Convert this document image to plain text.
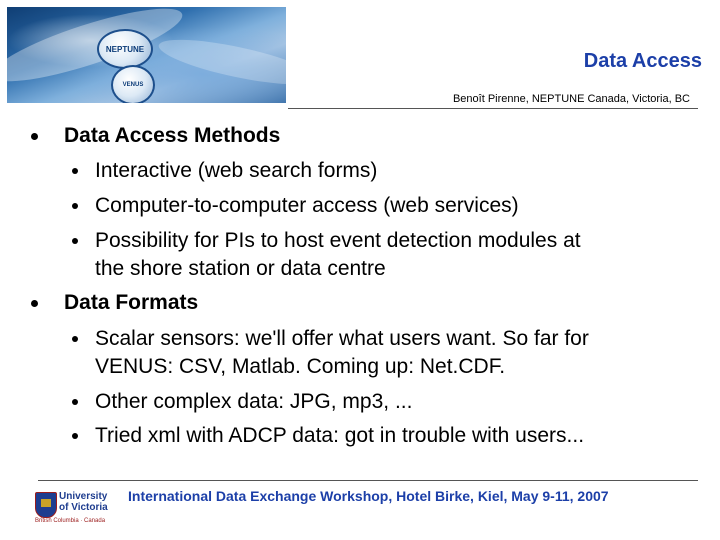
NEPTUNE
VENUS
Data Access
Benoît Pirenne, NEPTUNE Canada, Victoria, BC
Data Access Methods
Interactive (web search forms)
Computer-to-computer access (web services)
Possibility for PIs to host event detection modules at
the shore station or data centre
Data Formats
Scalar sensors: we'll offer what users want. So far for
VENUS: CSV, Matlab. Coming up: Net.CDF.
Other complex data: JPG, mp3, ...
Tried xml with ADCP data: got in trouble with users...
University
of Victoria
British Columbia · Canada
International Data Exchange Workshop, Hotel Birke, Kiel, May 9-11, 2007
